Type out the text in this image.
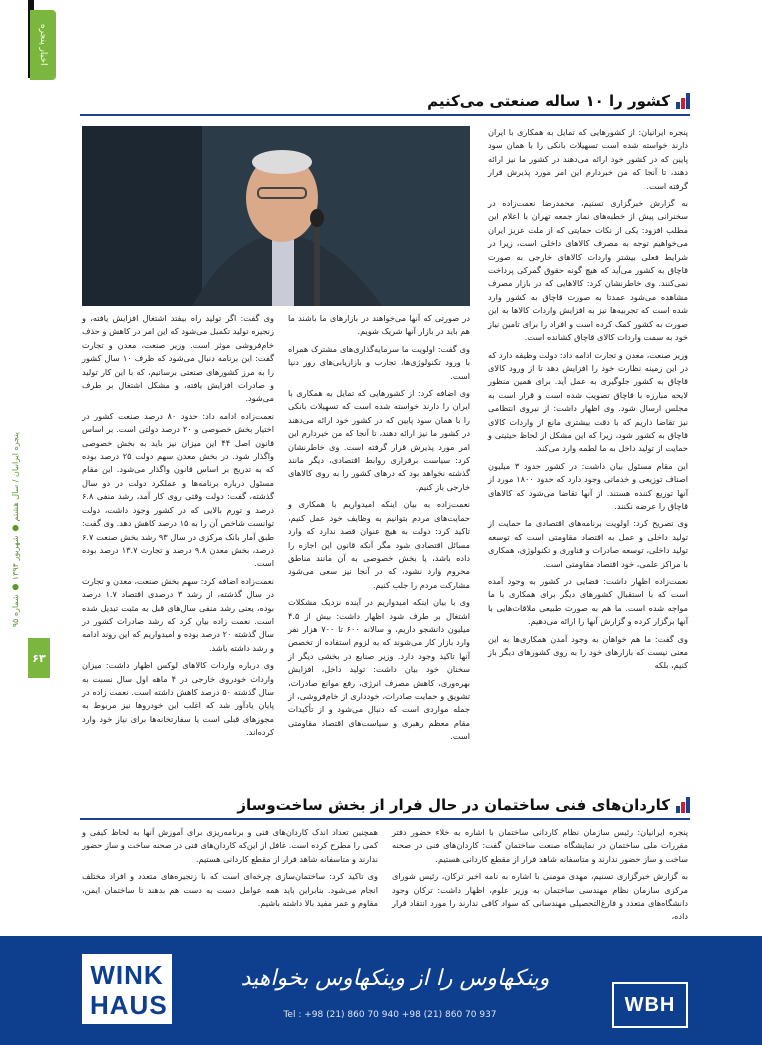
اخبار پنجره
پنجره ایرانیان / سال هشتم ● شهریور ۱۳۹۴ ● شماره ۹۵
۶۳
کشور را ۱۰ ساله صنعتی می‌کنیم

پنجره ایرانیان: از کشورهایی که تمایل به همکاری با ایران دارند خواسته شده است تسهیلات بانکی را با همان سود پایین که در کشور خود ارائه می‌دهند در کشور ما نیز ارائه دهند، تا آنجا که من خبردارم این امر مورد پذیرش قرار گرفته است.

به گزارش خبرگزاری تسنیم، محمدرضا نعمت‌زاده در سخنرانی پیش از خطبه‌های نماز جمعه تهران با اعلام این مطلب افزود: یکی از نکات حمایتی که از ملت عزیز ایران می‌خواهیم توجه به مصرف کالاهای داخلی است، زیرا در شرایط فعلی بیشتر واردات کالاهای خارجی به صورت قاچاق به کشور می‌آید که هیچ گونه حقوق گمرکی پرداخت نمی‌کنند. وی خاطرنشان کرد: کالاهایی که در بازار مصرف مشاهده می‌شود عمدتا به صورت قاچاق به کشور وارد شده است که تجربیه‌ها نیز به افزایش واردات کالاها به این صورت به کشور کمک کرده است و افراد را برای تامین نیاز خود به سمت واردات کالای قاچاق کشانده است.

وزیر صنعت، معدن و تجارت ادامه داد: دولت وظیفه دارد که در این زمینه نظارت خود را افزایش دهد تا از ورود کالای قاچاق به کشور جلوگیری به عمل آید. برای همین منظور لایحه مبارزه با قاچاق تصویب شده است و قرار است به مجلس ارسال شود. وی اظهار داشت: از نیروی انتظامی نیز تقاضا داریم که با دقت بیشتری مانع از واردات کالای قاچاق به کشور شود، زیرا که این مشکل از لحاظ حیثیتی و حمایت از تولید داخل به ما لطمه وارد می‌کند.

این مقام مسئول بیان داشت: در کشور حدود ۳ میلیون اصناف توزیعی و خدماتی وجود دارد که حدود ۱۸۰۰ مورد از آنها توزیع کننده هستند. از آنها تقاضا می‌شود که کالاهای قاچاق را عرضه نکنند.

وی تصریح کرد: اولویت برنامه‌های اقتصادی ما حمایت از تولید داخلی و عمل به اقتصاد مقاومتی است که توسعه تولید داخلی، توسعه صادرات و فناوری و تکنولوژی، همکاری با مراکز علمی، خود اقتصاد مقاومتی است.

نعمت‌زاده اظهار داشت: فضایی در کشور به وجود آمده است که با استقبال کشورهای دیگر برای همکاری با ما مواجه شده است. ما هم به صورت طبیعی ملاقات‌هایی با آنها برگزار کرده و گزارش آنها را ارائه می‌دهیم.

وی گفت: ما هم خواهان به وجود آمدن همکاری‌ها به این معنی نیست که بازارهای خود را به روی کشورهای دیگر باز کنیم، بلکه

در صورتی که آنها می‌خواهند در بازارهای ما باشند ما هم باید در بازار آنها شریک شویم.

وی گفت: اولویت ما سرمایه‌گذاری‌های مشترک همراه با ورود تکنولوژی‌ها، تجارب و بازاریابی‌های روز دنیا است.

وی اضافه کرد: از کشورهایی که تمایل به همکاری با ایران را دارند خواسته شده است که تسهیلات بانکی را با همان سود پایین که در کشور خود ارائه می‌دهند در کشور ما نیز ارائه دهند، تا آنجا که من خبردارم این امر مورد پذیرش قرار گرفته است. وی خاطرنشان کرد: سیاست برقراری روابط اقتصادی، دیگر مانند گذشته نخواهد بود که درهای کشور را به روی کالاهای خارجی باز کنیم.

نعمت‌زاده به بیان اینکه امیدواریم با همکاری و حمایت‌های مردم بتوانیم به وظایف خود عمل کنیم، تاکید کرد: دولت به هیچ عنوان قصد ندارد که وارد مسائل اقتصادی شود مگر آنکه قانون این اجازه را داده باشد، یا بخش خصوصی به آن مانند مناطق محروم وارد نشود، که در آنجا نیز سعی می‌شود مشارکت مردم را جلب کنیم.

وی با بیان اینکه امیدواریم در آینده نزدیک مشکلات اشتغال بر طرف شود اظهار داشت: بیش از ۴.۵ میلیون دانشجو داریم، و سالانه ۶۰۰ تا ۷۰۰ هزار نفر وارد بازار کار می‌شوند که به لزوم استفاده از تخصص آنها تاکید وجود دارد. وزیر صنایع در بخشی دیگر از سخنان خود بیان داشت: تولید داخل، افزایش بهره‌وری، کاهش مصرف انرژی، رفع موانع صادرات، تشویق و حمایت صادرات، خودداری از خام‌فروشی، از جمله مواردی است که دنبال می‌شود و از تأکیدات مقام معظم رهبری و سیاست‌های اقتصاد مقاومتی است.

وی گفت: اگر تولید راه بیفتد اشتغال افزایش یافته، و زنجیره تولید تکمیل می‌شود که این امر در کاهش و حذف خام‌فروشی موثر است. وزیر صنعت، معدن و تجارت گفت: این برنامه دنبال می‌شود که ظرف ۱۰ سال کشور را به مرز کشورهای صنعتی برسانیم، که با این کار تولید و صادرات افزایش یافته، و مشکل اشتغال بر طرف می‌شود.

نعمت‌زاده ادامه داد: حدود ۸۰ درصد صنعت کشور در اختیار بخش خصوصی و ۲۰ درصد دولتی است. بر اساس قانون اصل ۴۴ این میزان نیز باید به بخش خصوصی واگذار شود. در بخش معدن سهم دولت ۲۵ درصد بوده که به تدریج بر اساس قانون واگذار می‌شود. این مقام مسئول درباره برنامه‌ها و عملکرد دولت در دو سال گذشته، گفت: دولت وقتی روی کار آمد، رشد منفی ۶.۸ درصد و تورم بالایی که در کشور وجود داشت، دولت توانست شاخص آن را به ۱۵ درصد کاهش دهد. وی گفت: طبق آمار بانک مرکزی در سال ۹۳ رشد بخش صنعت ۶.۷ درصد، بخش معدن ۹.۸ درصد و تجارت ۱۳.۷ درصد بوده است.

نعمت‌زاده اضافه کرد: سهم بخش صنعت، معدن و تجارت در سال گذشته، از رشد ۳ درصدی اقتصاد ۱.۷ درصد بوده، یعنی رشد منفی سال‌های قبل به مثبت تبدیل شده است. نعمت زاده بیان کرد که رشد صادرات کشور در سال گذشته ۲۰ درصد بوده و امیدواریم که این روند ادامه و رشد داشته باشد.

وی درباره واردات کالاهای لوکس اظهار داشت: میزان واردات خودروی خارجی در ۴ ماهه اول سال نسبت به سال گذشته ۵۰ درصد کاهش داشته است. نعمت زاده در پایان یادآور شد که اغلب این خودروها نیز مربوط به مجوزهای قبلی است یا سفارتخانه‌ها برای نیاز خود وارد کرده‌اند.

کاردان‌های فنی ساختمان در حال فرار از بخش ساخت‌وساز

پنجره ایرانیان: رئیس سازمان نظام کاردانی ساختمان با اشاره به خلاء حضور دفتر مقررات ملی ساختمان در نمایشگاه صنعت ساختمان گفت: کاردان‌های فنی در صحنه ساخت و ساز حضور ندارند و متاسفانه شاهد فرار از مقطع کاردانی هستیم.

به گزارش خبرگزاری تسنیم، مهدی مومنی با اشاره به نامه اخیر ترکان، رئیس شورای مرکزی سازمان نظام مهندسی ساختمان به وزیر علوم، اظهار داشت: ترکان وجود دانشگاه‌های متعدد و فارغ‌التحصیلی مهندسانی که سواد کافی ندارند را مورد انتقاد قرار داده،

همچنین تعداد اندک کاردان‌های فنی و برنامه‌ریزی برای آموزش آنها به لحاظ کیفی و کمی را مطرح کرده است. غافل از این‌که کاردان‌های فنی در صحنه ساخت و ساز حضور ندارند و متاسفانه شاهد فرار از مقطع کاردانی هستیم.

وی تاکید کرد: ساختمان‌سازی چرخه‌ای است که با زنجیره‌های متعدد و افراد مختلف انجام می‌شود. بنابراین باید همه عوامل دست به دست هم بدهند تا ساختمان ایمن، مقاوم و عمر مفید بالا داشته باشیم.

WINK HAUS
وینکهاوس را از وینکهاوس بخواهید
Tel : +98 (21) 860 70 940 +98 (21) 860 70 937	WBH
